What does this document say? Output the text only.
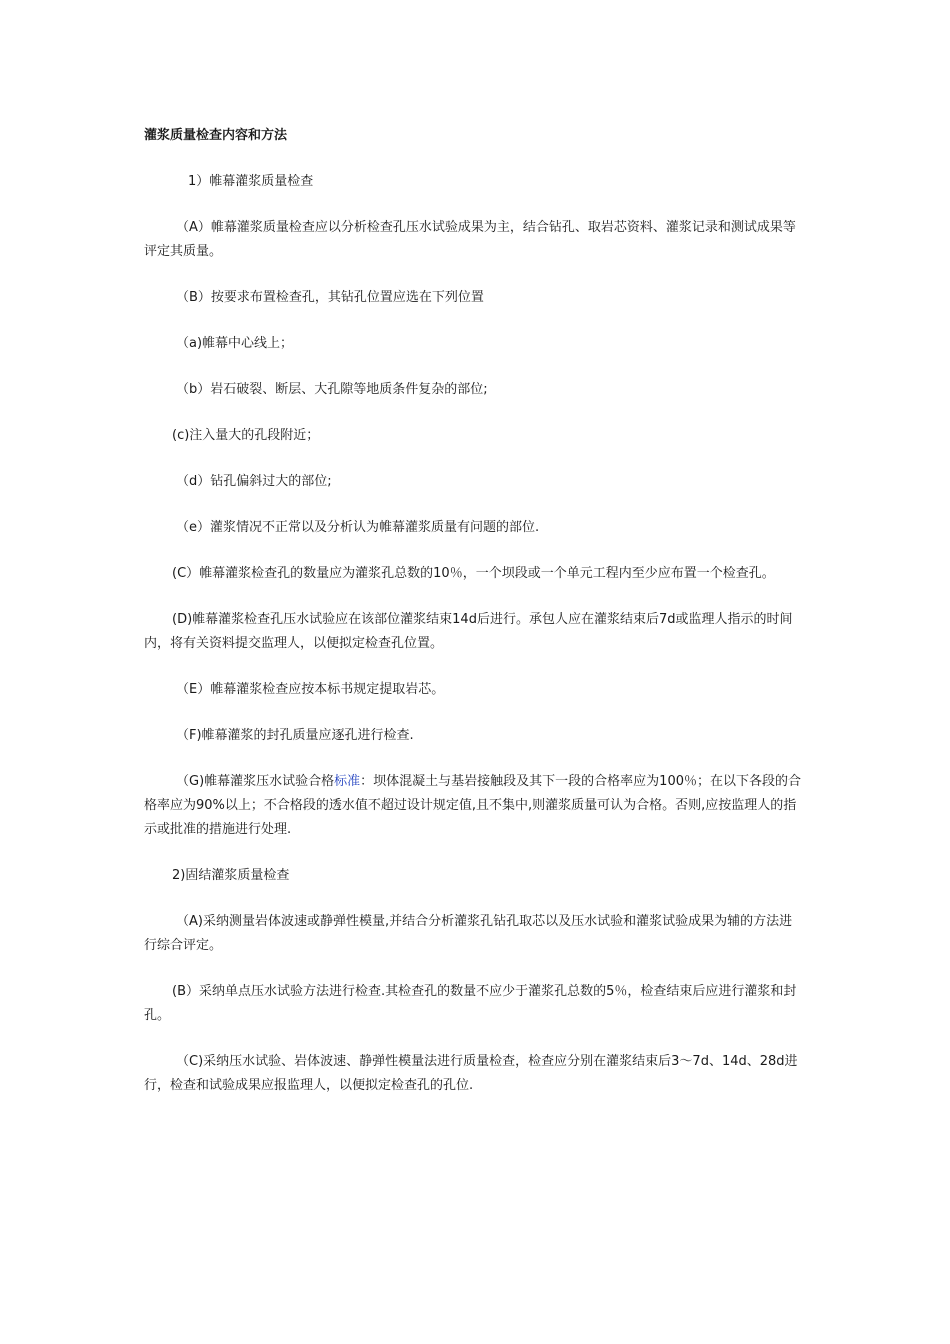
灌浆质量检查内容和方法

1）帷幕灌浆质量检查

（A）帷幕灌浆质量检查应以分析检查孔压水试验成果为主，结合钻孔、取岩芯资料、灌浆记录和测试成果等评定其质量。

（B）按要求布置检查孔，其钻孔位置应选在下列位置

（a)帷幕中心线上；

（b）岩石破裂、断层、大孔隙等地质条件复杂的部位;

(c)注入量大的孔段附近；

（d）钻孔偏斜过大的部位;

（e）灌浆情况不正常以及分析认为帷幕灌浆质量有问题的部位.

(C）帷幕灌浆检查孔的数量应为灌浆孔总数的10％，一个坝段或一个单元工程内至少应布置一个检查孔。

(D)帷幕灌浆检查孔压水试验应在该部位灌浆结束14d后进行。承包人应在灌浆结束后7d或监理人指示的时间内，将有关资料提交监理人，以便拟定检查孔位置。

（E）帷幕灌浆检查应按本标书规定提取岩芯。

（F)帷幕灌浆的封孔质量应逐孔进行检查.

（G)帷幕灌浆压水试验合格标准：坝体混凝土与基岩接触段及其下一段的合格率应为100％；在以下各段的合格率应为90%以上；不合格段的透水值不超过设计规定值,且不集中,则灌浆质量可认为合格。否则,应按监理人的指示或批准的措施进行处理.

2)固结灌浆质量检查

（A)采纳测量岩体波速或静弹性模量,并结合分析灌浆孔钻孔取芯以及压水试验和灌浆试验成果为辅的方法进行综合评定。

(B）采纳单点压水试验方法进行检查.其检查孔的数量不应少于灌浆孔总数的5％，检查结束后应进行灌浆和封孔。

（C)采纳压水试验、岩体波速、静弹性模量法进行质量检查，检查应分别在灌浆结束后3～7d、14d、28d进行，检查和试验成果应报监理人，以便拟定检查孔的孔位.
